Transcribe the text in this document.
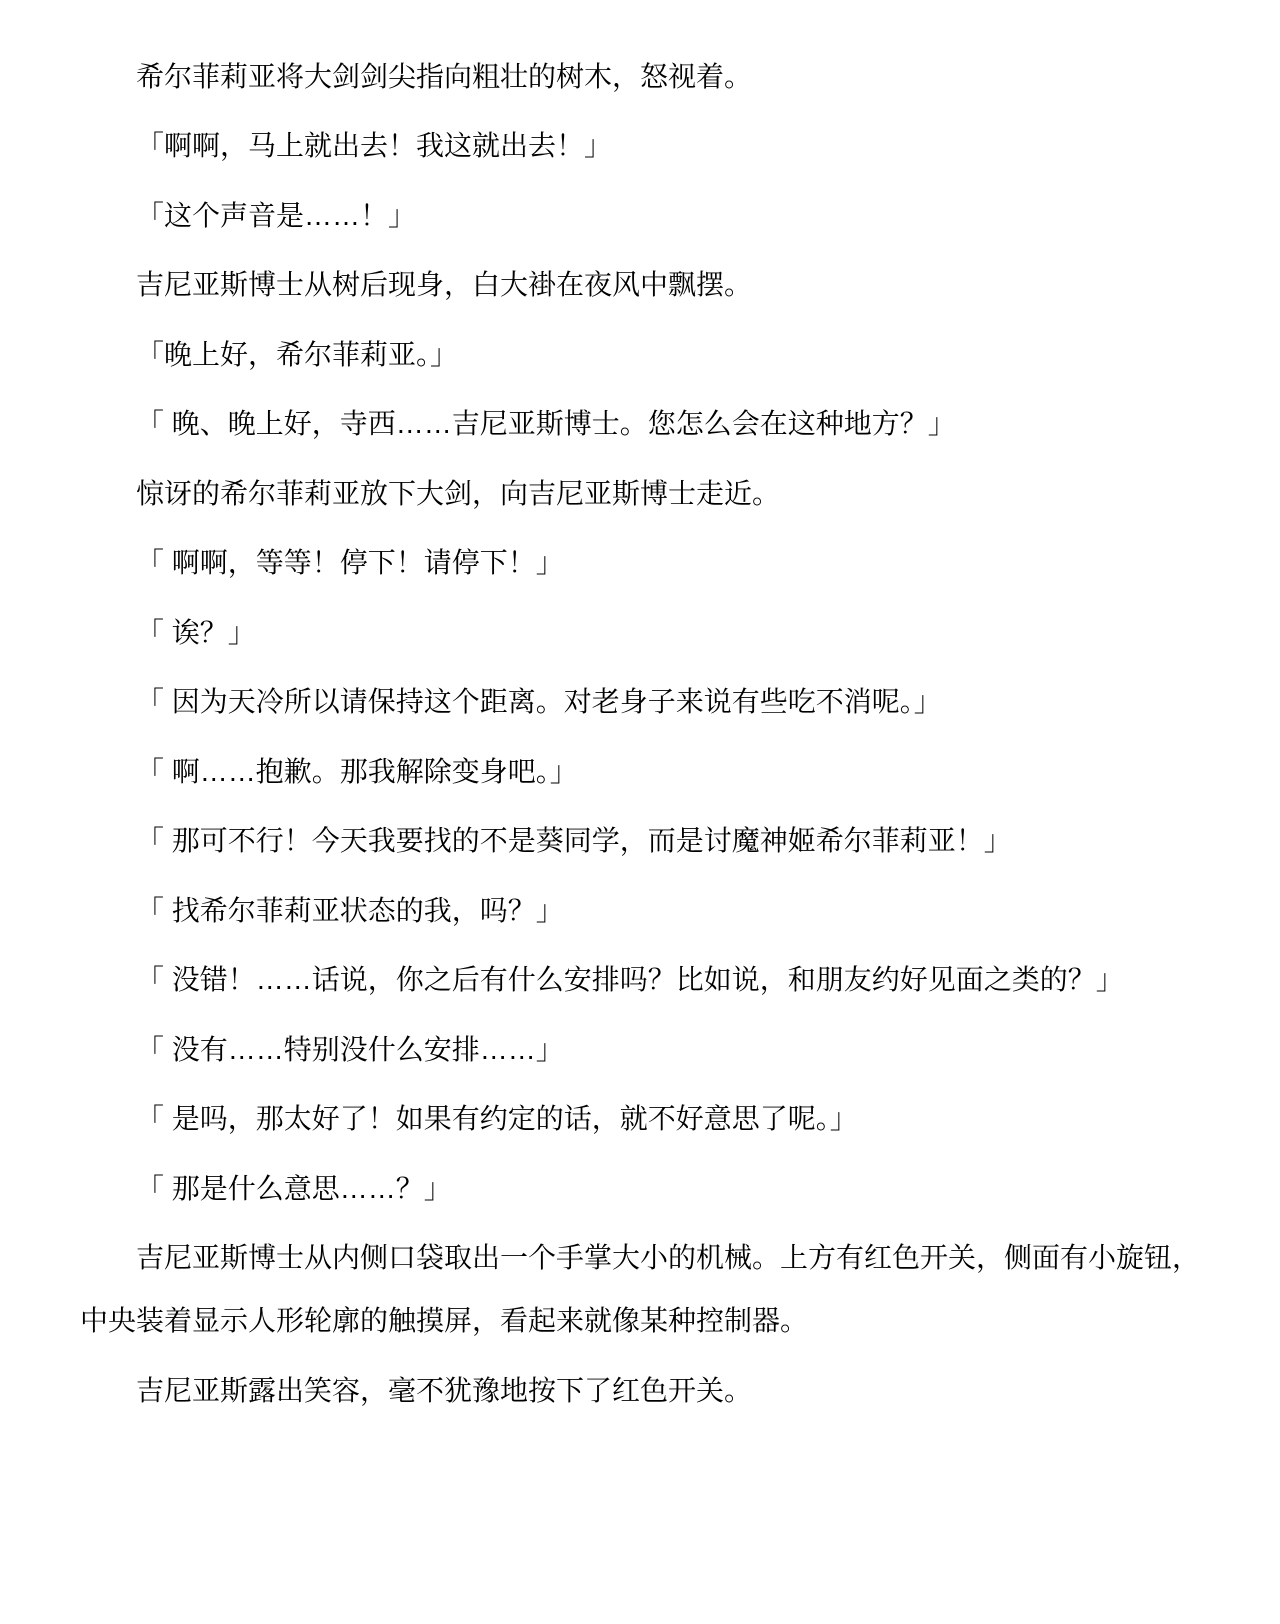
希尔菲莉亚将大剑剑尖指向粗壮的树木，怒视着。

「啊啊，马上就出去！我这就出去！」

「这个声音是……！」

吉尼亚斯博士从树后现身，白大褂在夜风中飘摆。

「晚上好，希尔菲莉亚。」

「 晚、晚上好，寺西……吉尼亚斯博士。您怎么会在这种地方？」

惊讶的希尔菲莉亚放下大剑，向吉尼亚斯博士走近。

「 啊啊，等等！停下！请停下！」

「 诶？」

「 因为天冷所以请保持这个距离。对老身子来说有些吃不消呢。」

「 啊……抱歉。那我解除变身吧。」

「 那可不行！今天我要找的不是葵同学，而是讨魔神姬希尔菲莉亚！」

「 找希尔菲莉亚状态的我，吗？」

「 没错！……话说，你之后有什么安排吗？比如说，和朋友约好见面之类的？」

「 没有……特别没什么安排……」

「 是吗，那太好了！如果有约定的话，就不好意思了呢。」

「 那是什么意思……？」

吉尼亚斯博士从内侧口袋取出一个手掌大小的机械。上方有红色开关，侧面有小旋钮，中央装着显示人形轮廓的触摸屏，看起来就像某种控制器。

吉尼亚斯露出笑容，毫不犹豫地按下了红色开关。
